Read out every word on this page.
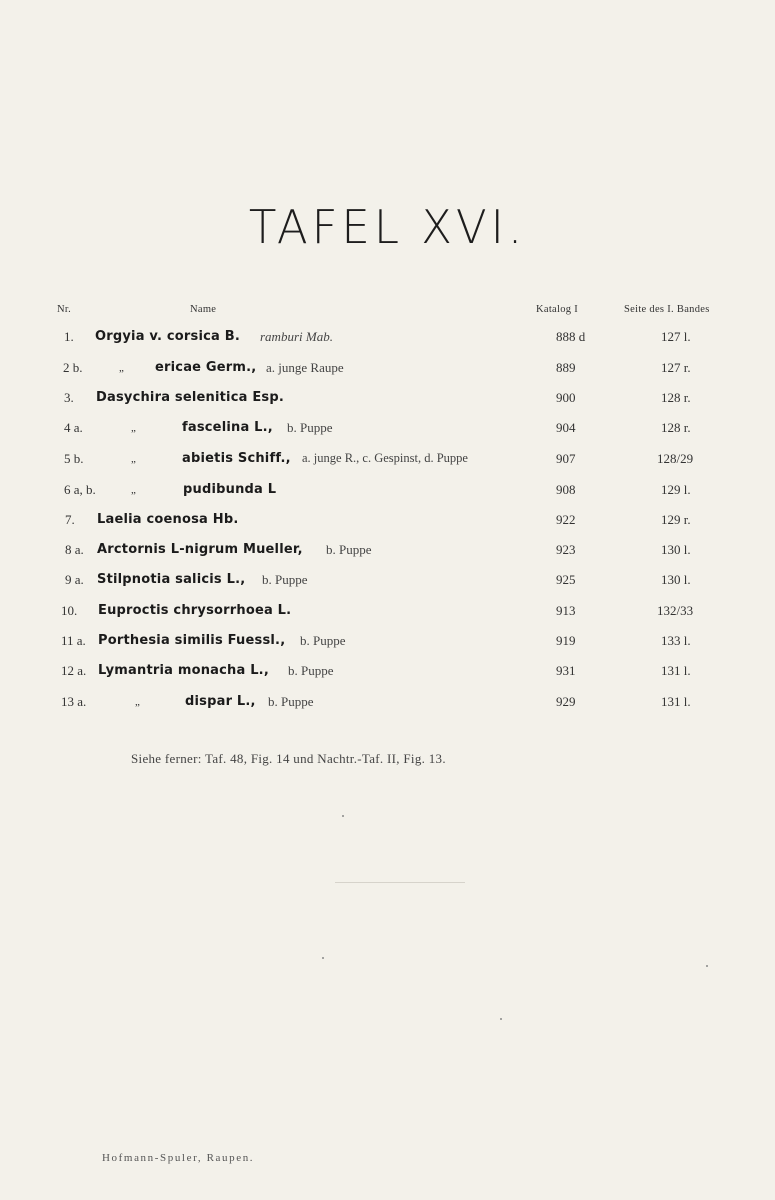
TAFEL XVI.
Nr.	Name	Katalog I	Seite des I. Bandes
1. Orgyia v. corsica B. ramburi Mab.	888 d	127 l.
2 b.	„ ericae Germ., a. junge Raupe	889	127 r.
3. Dasychira selenitica Esp.	900	128 r.
4 a.	„	fascelina L., b. Puppe	904	128 r.
5 b.	„	abietis Schiff., a. junge R., c. Gespinst, d. Puppe	907	128/29
6 a, b.	„	pudibunda L	908	129 l.
7. Laelia coenosa Hb.	922	129 r.
8 a. Arctornis L-nigrum Mueller, b. Puppe	923	130 l.
9 a. Stilpnotia salicis L., b. Puppe	925	130 l.
10. Euproctis chrysorrhoea L.	913	132/33
11 a. Porthesia similis Fuessl., b. Puppe	919	133 l.
12 a. Lymantria monacha L., b. Puppe	931	131 l.
13 a.	„	dispar L., b. Puppe	929	131 l.
Siehe ferner: Taf. 48, Fig. 14 und Nachtr.-Taf. II, Fig. 13.
Hofmann-Spuler, Raupen.
